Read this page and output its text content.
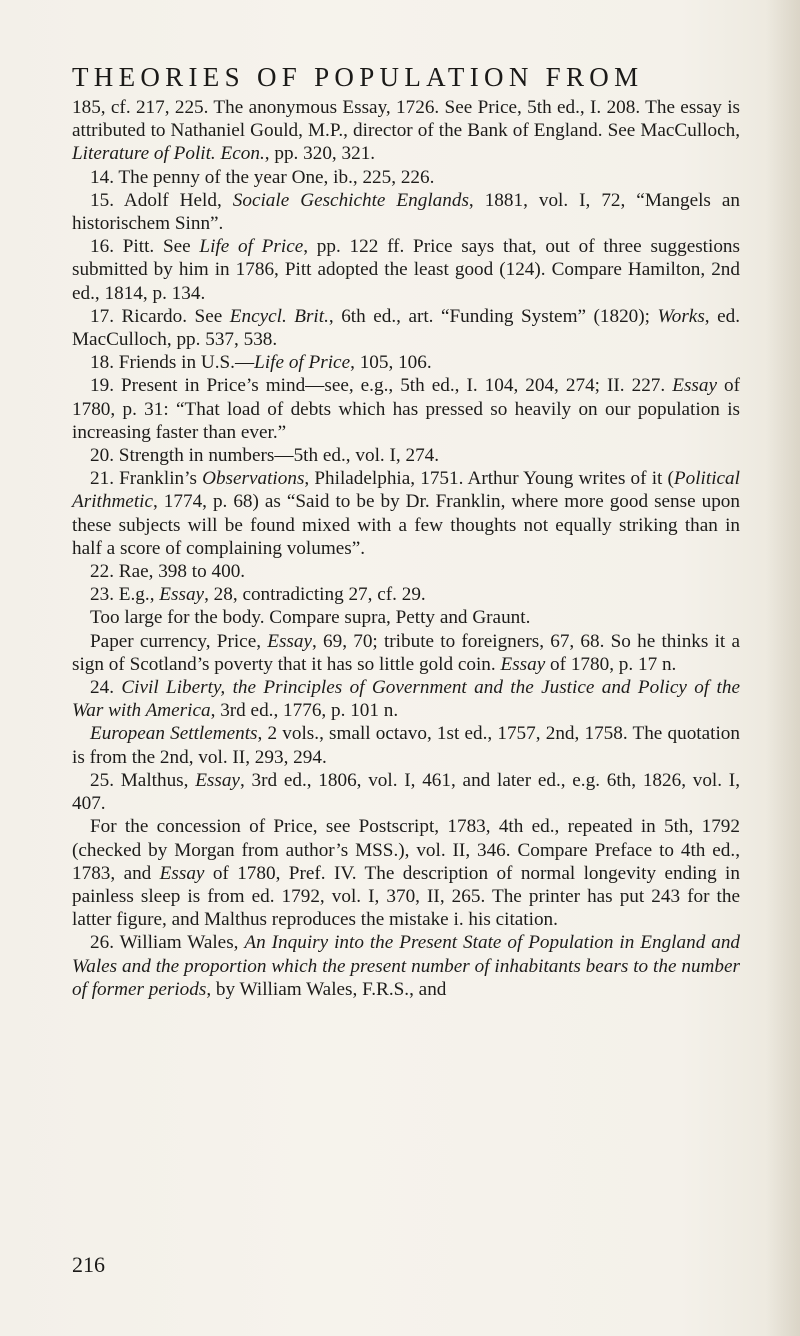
THEORIES OF POPULATION FROM

185, cf. 217, 225. The anonymous Essay, 1726. See Price, 5th ed., I. 208. The essay is attributed to Nathaniel Gould, M.P., director of the Bank of England. See MacCulloch, Literature of Polit. Econ., pp. 320, 321.

14. The penny of the year One, ib., 225, 226.

15. Adolf Held, Sociale Geschichte Englands, 1881, vol. I, 72, “Mangels an historischem Sinn”.

16. Pitt. See Life of Price, pp. 122 ff. Price says that, out of three suggestions submitted by him in 1786, Pitt adopted the least good (124). Compare Hamilton, 2nd ed., 1814, p. 134.

17. Ricardo. See Encycl. Brit., 6th ed., art. “Funding System” (1820); Works, ed. MacCulloch, pp. 537, 538.

18. Friends in U.S.—Life of Price, 105, 106.

19. Present in Price’s mind—see, e.g., 5th ed., I. 104, 204, 274; II. 227. Essay of 1780, p. 31: “That load of debts which has pressed so heavily on our population is increasing faster than ever.”

20. Strength in numbers—5th ed., vol. I, 274.

21. Franklin’s Observations, Philadelphia, 1751. Arthur Young writes of it (Political Arithmetic, 1774, p. 68) as “Said to be by Dr. Franklin, where more good sense upon these subjects will be found mixed with a few thoughts not equally striking than in half a score of complaining volumes”.

22. Rae, 398 to 400.

23. E.g., Essay, 28, contradicting 27, cf. 29.

Too large for the body. Compare supra, Petty and Graunt.

Paper currency, Price, Essay, 69, 70; tribute to foreigners, 67, 68. So he thinks it a sign of Scotland’s poverty that it has so little gold coin. Essay of 1780, p. 17 n.

24. Civil Liberty, the Principles of Government and the Justice and Policy of the War with America, 3rd ed., 1776, p. 101 n.

European Settlements, 2 vols., small octavo, 1st ed., 1757, 2nd, 1758. The quotation is from the 2nd, vol. II, 293, 294.

25. Malthus, Essay, 3rd ed., 1806, vol. I, 461, and later ed., e.g. 6th, 1826, vol. I, 407.

For the concession of Price, see Postscript, 1783, 4th ed., repeated in 5th, 1792 (checked by Morgan from author’s MSS.), vol. II, 346. Compare Preface to 4th ed., 1783, and Essay of 1780, Pref. IV. The description of normal longevity ending in painless sleep is from ed. 1792, vol. I, 370, II, 265. The printer has put 243 for the latter figure, and Malthus reproduces the mistake i. his citation.

26. William Wales, An Inquiry into the Present State of Population in England and Wales and the proportion which the present number of inhabitants bears to the number of former periods, by William Wales, F.R.S., and

216
